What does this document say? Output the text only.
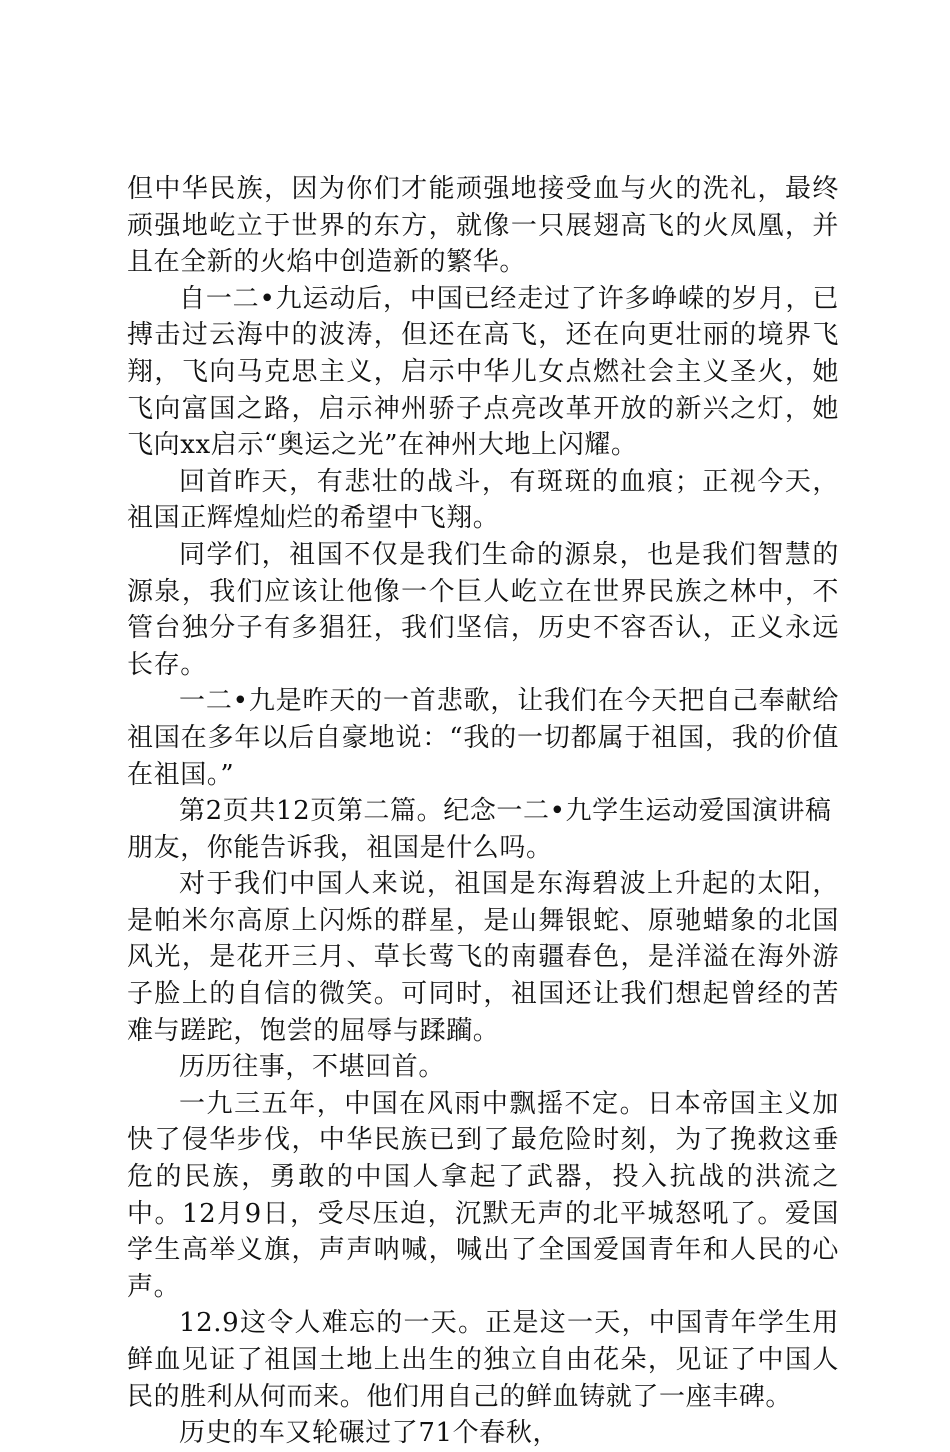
但中华民族，因为你们才能顽强地接受血与火的洗礼，最终顽强地屹立于世界的东方，就像一只展翅高飞的火凤凰，并且在全新的火焰中创造新的繁华。

自一二•九运动后，中国已经走过了许多峥嵘的岁月，已搏击过云海中的波涛，但还在高飞，还在向更壮丽的境界飞翔，飞向马克思主义，启示中华儿女点燃社会主义圣火，她飞向富国之路，启示神州骄子点亮改革开放的新兴之灯，她飞向xx启示“奥运之光”在神州大地上闪耀。

回首昨天，有悲壮的战斗，有斑斑的血痕；正视今天，祖国正辉煌灿烂的希望中飞翔。

同学们，祖国不仅是我们生命的源泉，也是我们智慧的源泉，我们应该让他像一个巨人屹立在世界民族之林中，不管台独分子有多猖狂，我们坚信，历史不容否认，正义永远长存。

一二•九是昨天的一首悲歌，让我们在今天把自己奉献给祖国在多年以后自豪地说：“我的一切都属于祖国，我的价值在祖国。”

第2页共12页第二篇。纪念一二•九学生运动爱国演讲稿

朋友，你能告诉我，祖国是什么吗。

对于我们中国人来说，祖国是东海碧波上升起的太阳，是帕米尔高原上闪烁的群星，是山舞银蛇、原驰蜡象的北国风光，是花开三月、草长莺飞的南疆春色，是洋溢在海外游子脸上的自信的微笑。可同时，祖国还让我们想起曾经的苦难与蹉跎，饱尝的屈辱与蹂躏。

历历往事，不堪回首。

一九三五年，中国在风雨中飘摇不定。日本帝国主义加快了侵华步伐，中华民族已到了最危险时刻，为了挽救这垂危的民族，勇敢的中国人拿起了武器，投入抗战的洪流之中。12月9日，受尽压迫，沉默无声的北平城怒吼了。爱国学生高举义旗，声声呐喊，喊出了全国爱国青年和人民的心声。

12.9这令人难忘的一天。正是这一天，中国青年学生用鲜血见证了祖国土地上出生的独立自由花朵，见证了中国人民的胜利从何而来。他们用自己的鲜血铸就了一座丰碑。

历史的车又轮碾过了71个春秋，
